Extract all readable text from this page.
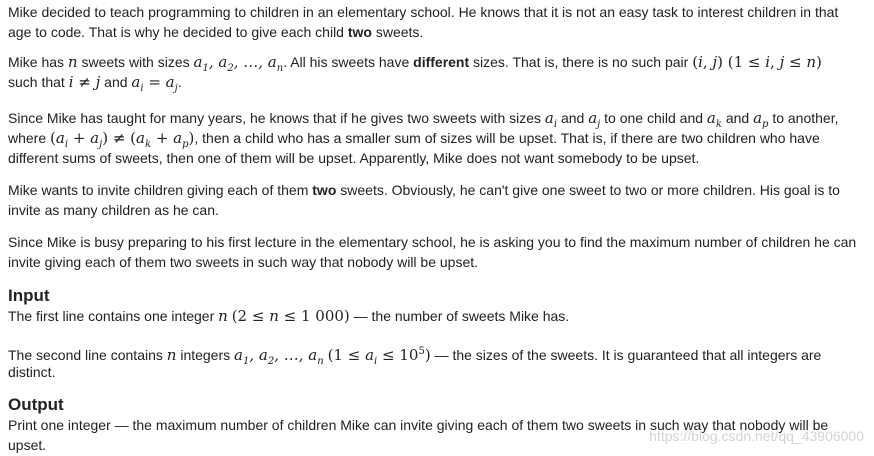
Mike decided to teach programming to children in an elementary school. He knows that it is not an easy task to interest children in that
age to code. That is why he decided to give each child two sweets.

Mike has n sweets with sizes $a_1$, $a_2$, …, $a_n$. All his sweets have different sizes. That is, there is no such pair (i, j) (1 ≤ i, j ≤ n)
such that i ≠ j and $a_i = a_j$.

Since Mike has taught for many years, he knows that if he gives two sweets with sizes $a_i$ and $a_j$ to one child and $a_k$ and $a_p$ to another,
where $(a_i + a_j) \ne (a_k + a_p)$, then a child who has a smaller sum of sizes will be upset. That is, if there are two children who have
different sums of sweets, then one of them will be upset. Apparently, Mike does not want somebody to be upset.

Mike wants to invite children giving each of them two sweets. Obviously, he can't give one sweet to two or more children. His goal is to
invite as many children as he can.

Since Mike is busy preparing to his first lecture in the elementary school, he is asking you to find the maximum number of children he can
invite giving each of them two sweets in such way that nobody will be upset.

Input

The first line contains one integer n (2 ≤ n ≤ 1 000) — the number of sweets Mike has.

The second line contains n integers $a_1$, $a_2$, …, $a_n$ $(1 \le a_i \le 10^5)$ — the sizes of the sweets. It is guaranteed that all integers are
distinct.

Output

Print one integer — the maximum number of children Mike can invite giving each of them two sweets in such way that nobody will be
upset.

https://blog.csdn.net/qq_43906000
